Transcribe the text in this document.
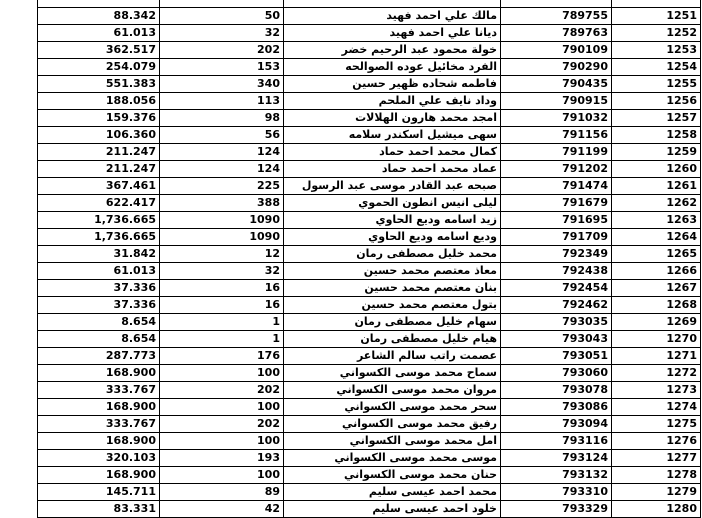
88.342	50	مالك علي احمد فهيد	789755	1251
61.013	32	ديانا علي احمد فهيد	789763	1252
362.517	202	خولة محمود عبد الرحيم خضر	790109	1253
254.079	153	الفرد مخائيل عوده الصوالحه	790290	1254
551.383	340	فاطمه شحاده ظهير حسين	790435	1255
188.056	113	وداد نايف علي الملحم	790915	1256
159.376	98	امجد محمد هارون الهلالات	791032	1257
106.360	56	سهى ميشيل اسكندر سلامه	791156	1258
211.247	124	كمال محمد احمد حماد	791199	1259
211.247	124	عماد محمد احمد حماد	791202	1260
367.461	225	صبحه عبد القادر موسى عبد الرسول	791474	1261
622.417	388	ليلى انيس انطون الحموي	791679	1262
1,736.665	1090	زيد اسامه وديع الحاوي	791695	1263
1,736.665	1090	وديع اسامه وديع الحاوي	791709	1264
31.842	12	محمد خليل مصطفى رمان	792349	1265
61.013	32	معاذ معتصم محمد حسين	792438	1266
37.336	16	بنان معتصم محمد حسين	792454	1267
37.336	16	بتول معتصم محمد حسين	792462	1268
8.654	1	سهام خليل مصطفى رمان	793035	1269
8.654	1	هيام خليل مصطفى رمان	793043	1270
287.773	176	عصمت راتب سالم الشاعر	793051	1271
168.900	100	سماح محمد موسى الكسواني	793060	1272
333.767	202	مروان محمد موسى الكسواني	793078	1273
168.900	100	سحر محمد موسى الكسواني	793086	1274
333.767	202	رفيق محمد موسى الكسواني	793094	1275
168.900	100	امل محمد موسى الكسواني	793116	1276
320.103	193	موسى محمد موسى الكسواني	793124	1277
168.900	100	حنان محمد موسى الكسواني	793132	1278
145.711	89	محمد احمد عيسى سليم	793310	1279
83.331	42	خلود احمد عيسى سليم	793329	1280
